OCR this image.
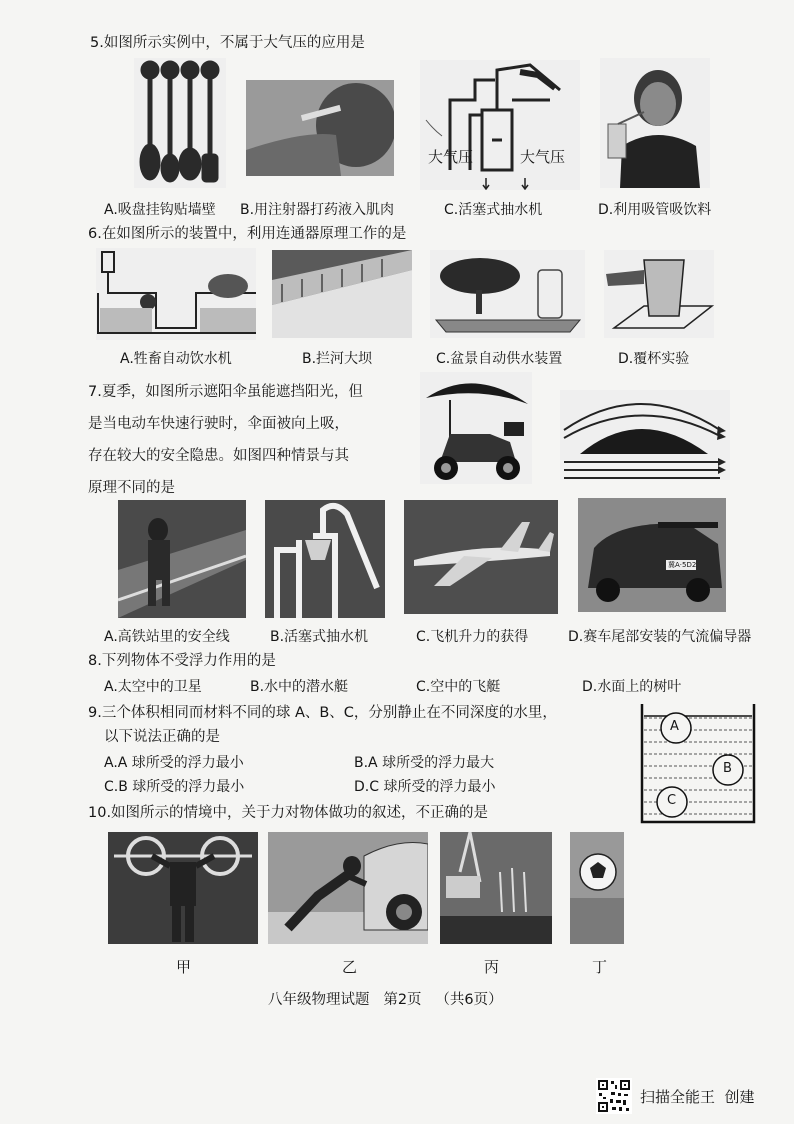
5.如图所示实例中，不属于大气压的应用是
大气压	大气压
A.吸盘挂钩贴墙壁 B.用注射器打药液入肌肉	C.活塞式抽水机	D.利用吸管吸饮料
6.在如图所示的装置中，利用连通器原理工作的是
A.牲畜自动饮水机	B.拦河大坝	C.盆景自动供水装置	D.覆杯实验
7.夏季，如图所示遮阳伞虽能遮挡阳光，但
是当电动车快速行驶时，伞面被向上吸，
存在较大的安全隐患。如图四种情景与其
原理不同的是
冀A·5D2
A.高铁站里的安全线	B.活塞式抽水机	C.飞机升力的获得	D.赛车尾部安装的气流偏导器
8.下列物体不受浮力作用的是
A.太空中的卫星	B.水中的潜水艇	C.空中的飞艇	D.水面上的树叶
9.三个体积相同而材料不同的球 A、B、C，分别静止在不同深度的水里，
以下说法正确的是
A.A 球所受的浮力最小	B.A 球所受的浮力最大
C.B 球所受的浮力最小	D.C 球所受的浮力最小
A
B
C
10.如图所示的情境中，关于力对物体做功的叙述，不正确的是
甲	乙	丙	丁
八年级物理试题   第2页   （共6页）
扫描全能王  创建
